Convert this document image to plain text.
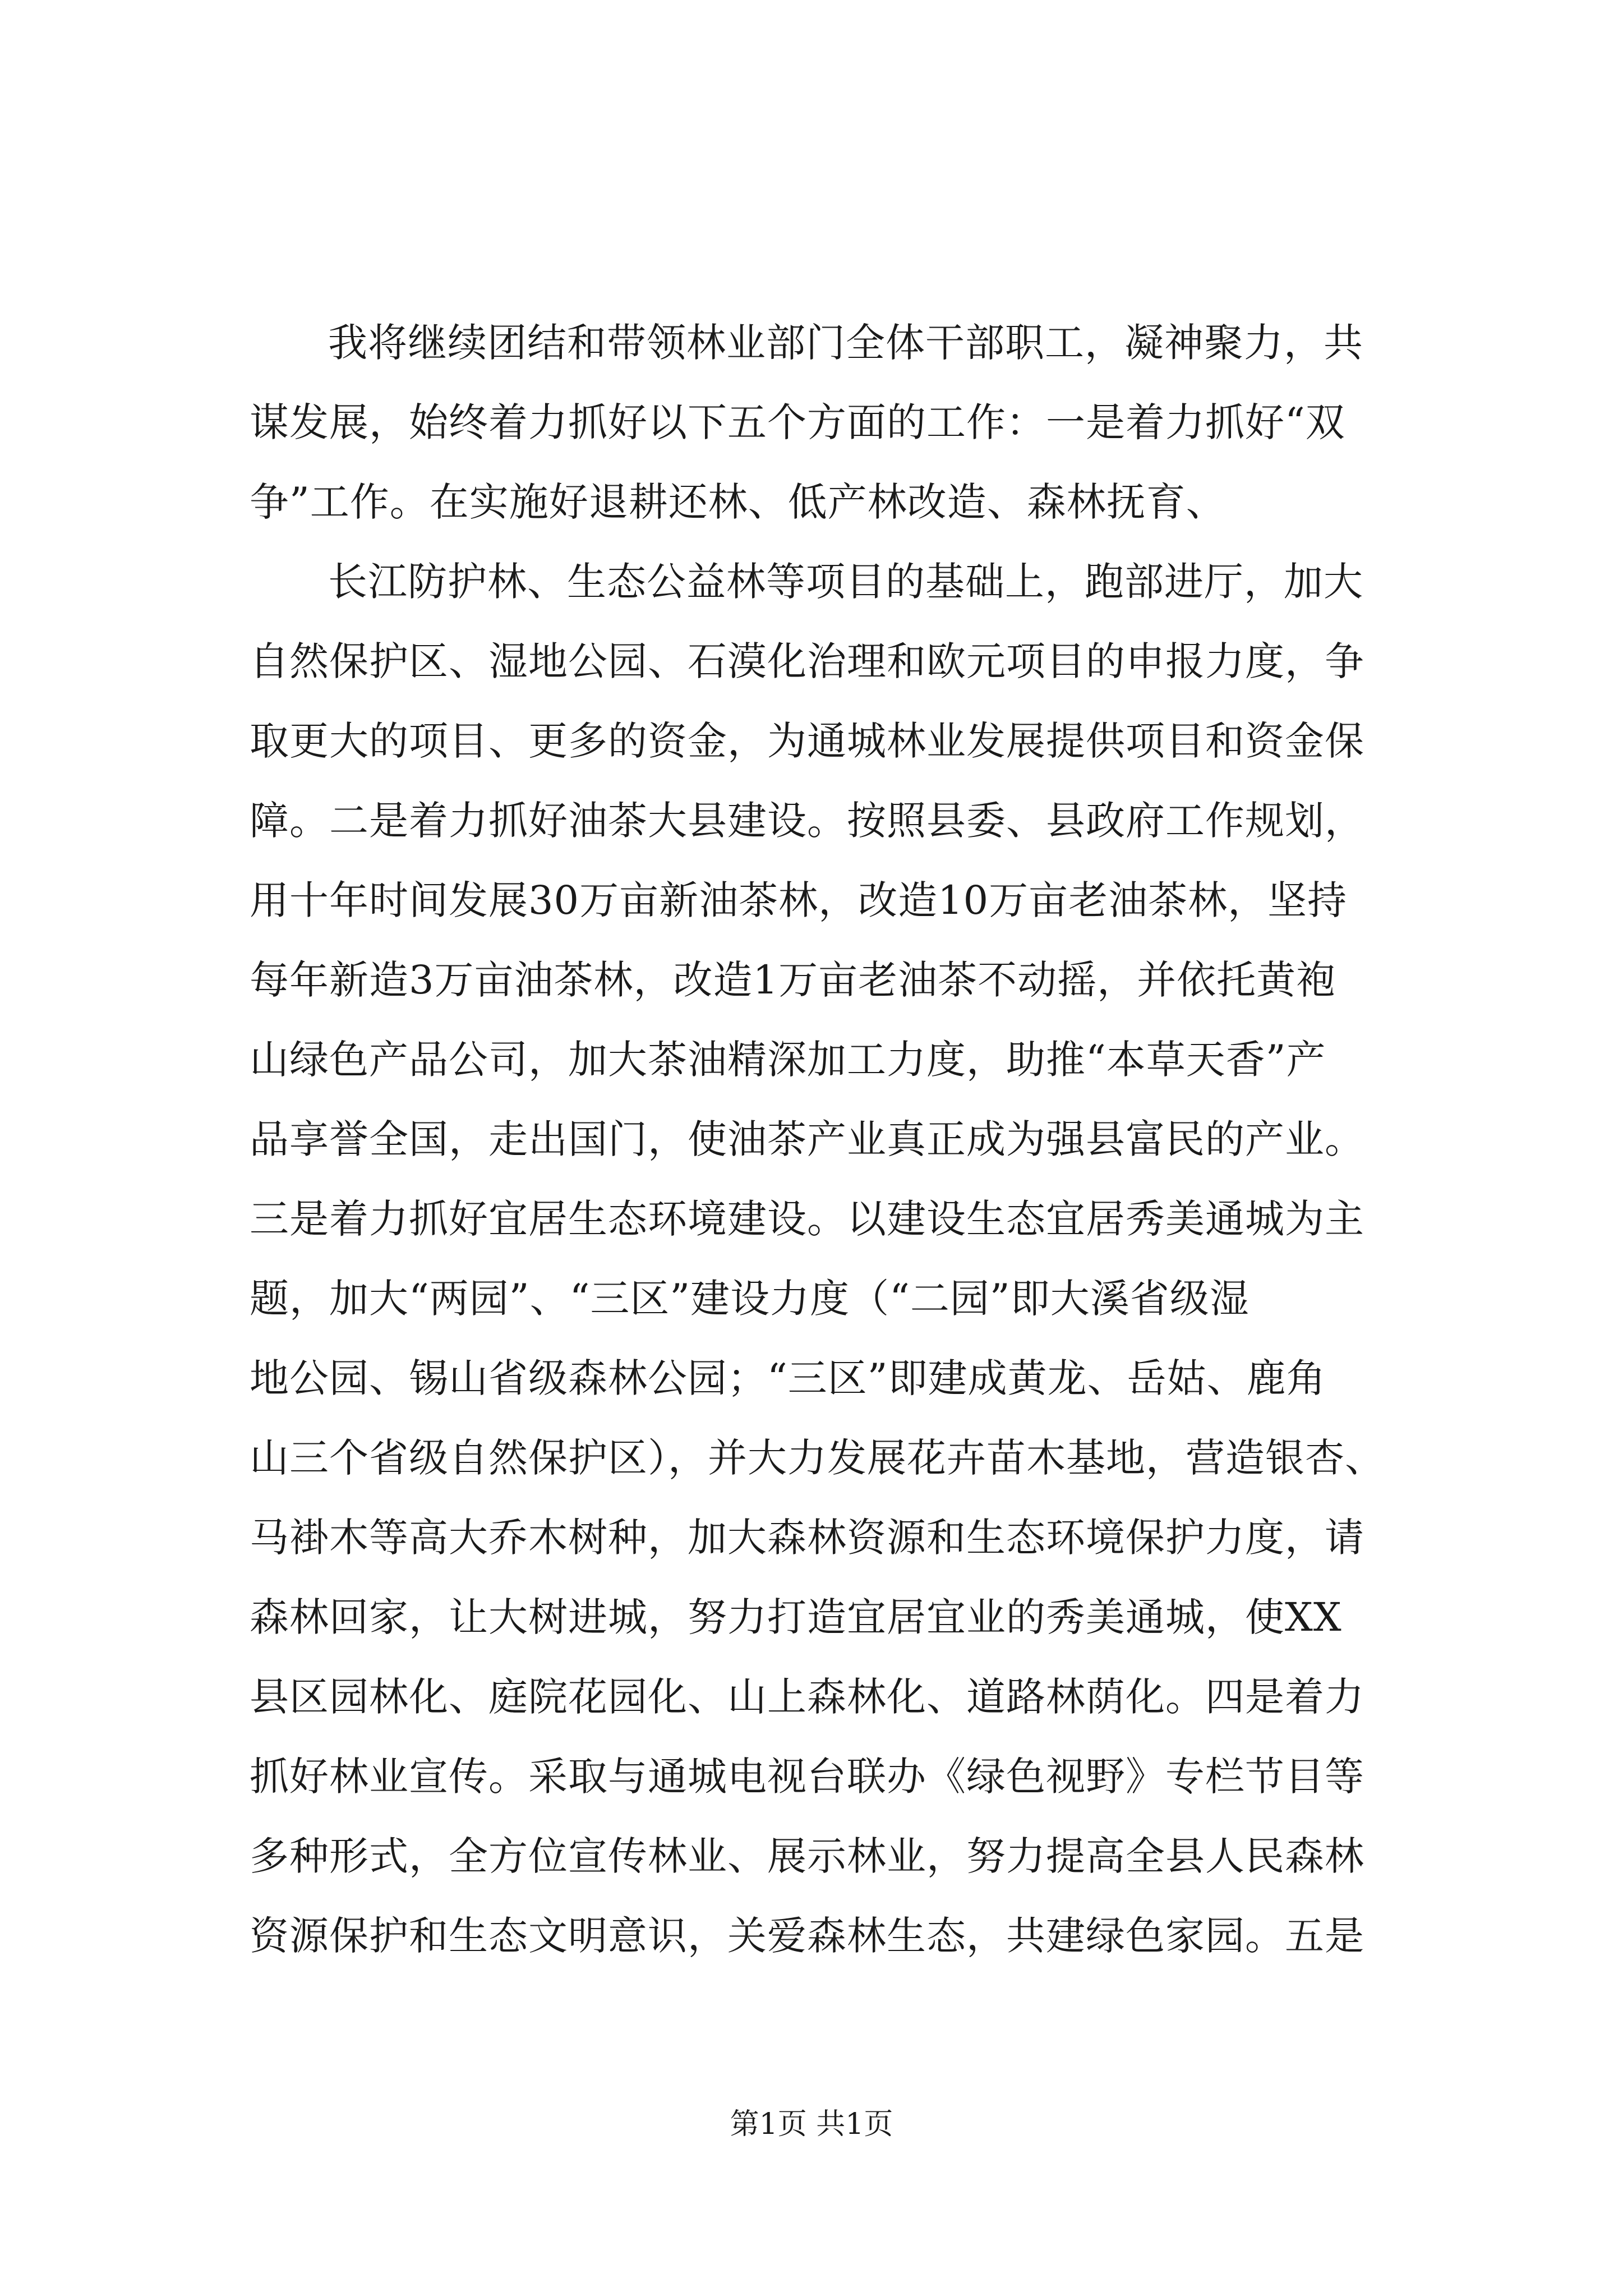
我将继续团结和带领林业部门全体干部职工，凝神聚力，共
谋发展，始终着力抓好以下五个方面的工作：一是着力抓好“双
争”工作。在实施好退耕还林、低产林改造、森林抚育、
长江防护林、生态公益林等项目的基础上，跑部进厅，加大
自然保护区、湿地公园、石漠化治理和欧元项目的申报力度，争
取更大的项目、更多的资金，为通城林业发展提供项目和资金保
障。二是着力抓好油茶大县建设。按照县委、县政府工作规划，
用十年时间发展30万亩新油茶林，改造10万亩老油茶林，坚持
每年新造3万亩油茶林，改造1万亩老油茶不动摇，并依托黄袍
山绿色产品公司，加大茶油精深加工力度，助推“本草天香”产
品享誉全国，走出国门，使油茶产业真正成为强县富民的产业。
三是着力抓好宜居生态环境建设。以建设生态宜居秀美通城为主
题，加大“两园”、“三区”建设力度（“二园”即大溪省级湿
地公园、锡山省级森林公园；“三区”即建成黄龙、岳姑、鹿角
山三个省级自然保护区），并大力发展花卉苗木基地，营造银杏、
马褂木等高大乔木树种，加大森林资源和生态环境保护力度，请
森林回家，让大树进城，努力打造宜居宜业的秀美通城，使XX
县区园林化、庭院花园化、山上森林化、道路林荫化。四是着力
抓好林业宣传。采取与通城电视台联办《绿色视野》专栏节目等
多种形式，全方位宣传林业、展示林业，努力提高全县人民森林
资源保护和生态文明意识，关爱森林生态，共建绿色家园。五是
第1页 共1页
